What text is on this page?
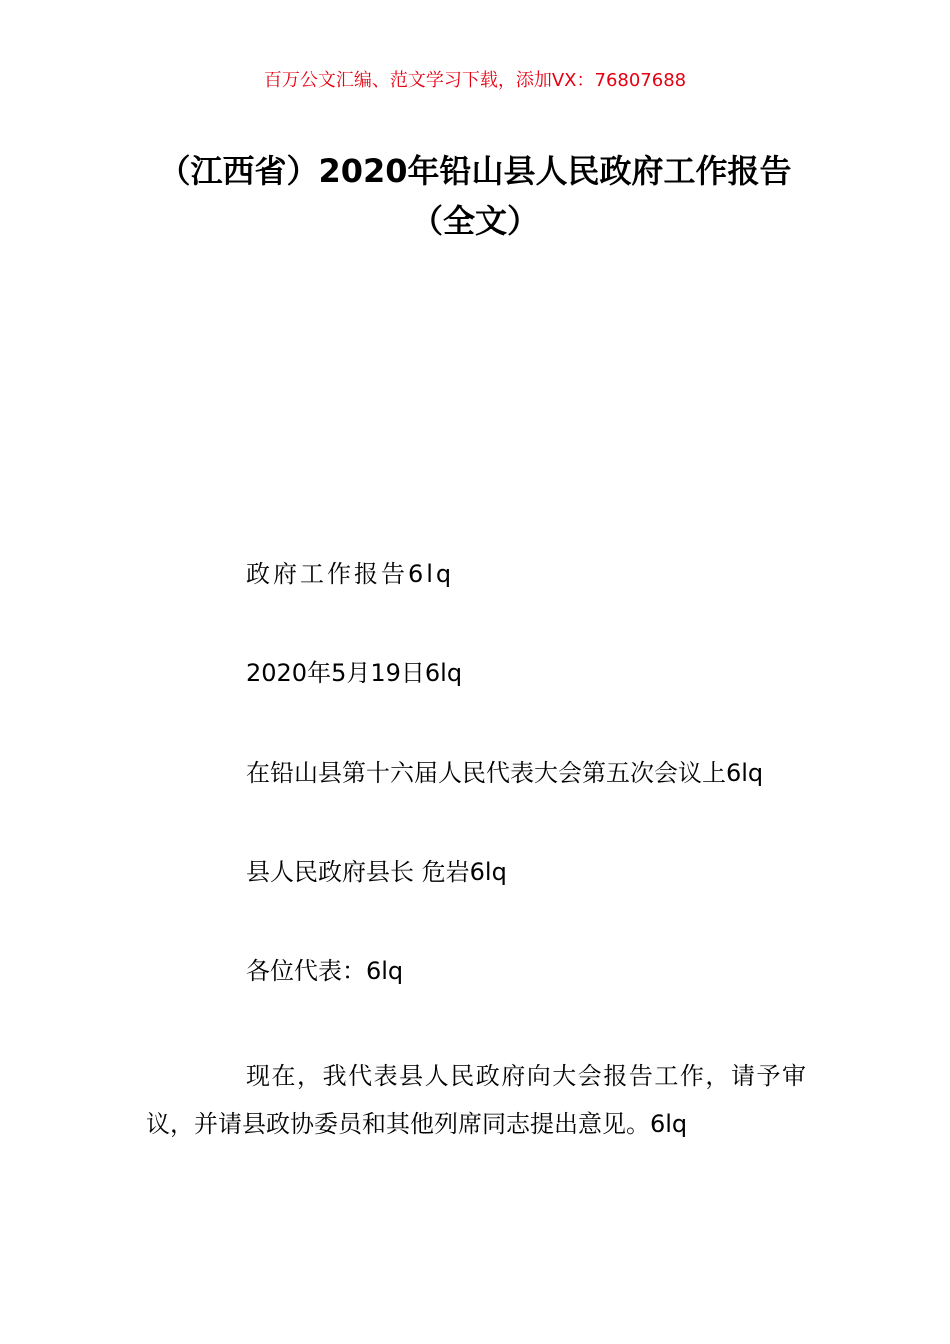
百万公文汇编、范文学习下载，添加VX：76807688
（江西省）2020年铅山县人民政府工作报告（全文）
政府工作报告6lq
2020年5月19日6lq
在铅山县第十六届人民代表大会第五次会议上6lq
县人民政府县长 危岩6lq
各位代表：6lq
现在，我代表县人民政府向大会报告工作，请予审议，并请县政协委员和其他列席同志提出意见。6lq
